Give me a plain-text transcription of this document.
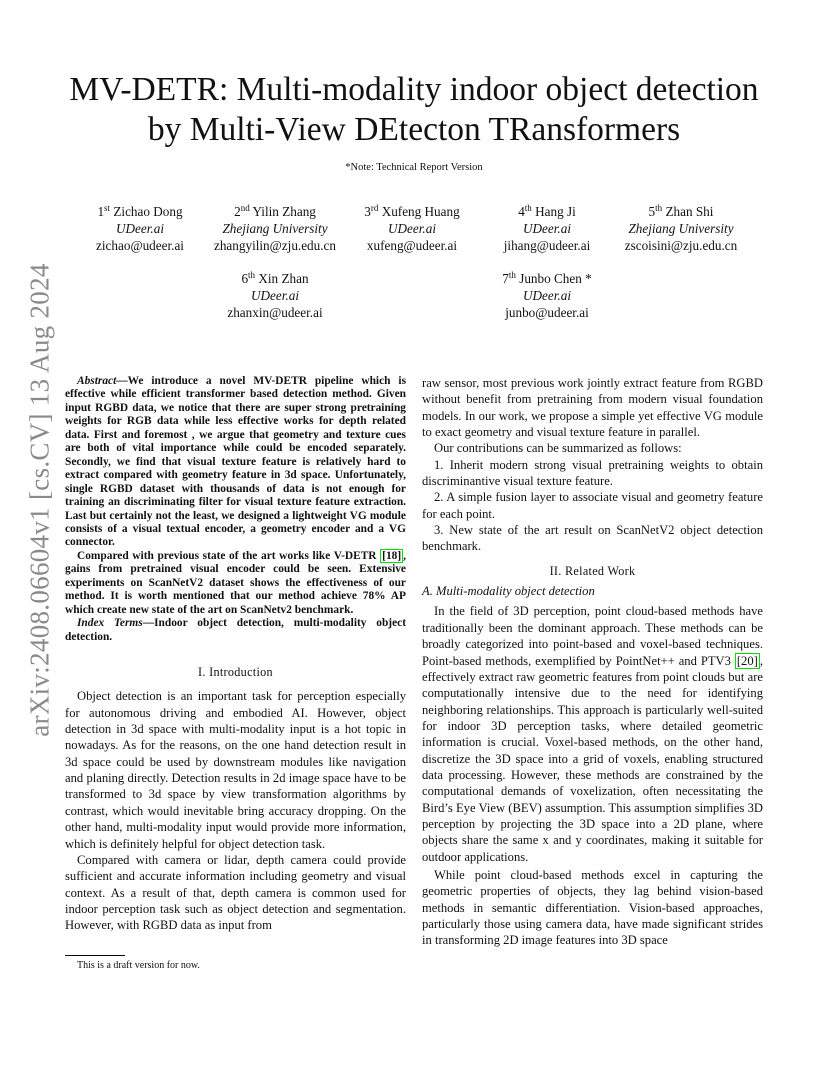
arXiv:2408.06604v1 [cs.CV] 13 Aug 2024
MV-DETR: Multi-modality indoor object detection
by Multi-View DEtecton TRansformers
*Note: Technical Report Version
1st Zichao Dong
UDeer.ai
zichao@udeer.ai
2nd Yilin Zhang
Zhejiang University
zhangyilin@zju.edu.cn
3rd Xufeng Huang
UDeer.ai
xufeng@udeer.ai
4th Hang Ji
UDeer.ai
jihang@udeer.ai
5th Zhan Shi
Zhejiang University
zscoisini@zju.edu.cn
6th Xin Zhan
UDeer.ai
zhanxin@udeer.ai
7th Junbo Chen *
UDeer.ai
junbo@udeer.ai

Abstract—We introduce a novel MV-DETR pipeline which is effective while efficient transformer based detection method. Given input RGBD data, we notice that there are super strong pretraining weights for RGB data while less effective works for depth related data. First and foremost , we argue that geometry and texture cues are both of vital importance while could be encoded separately. Secondly, we find that visual texture feature is relatively hard to extract compared with geometry feature in 3d space. Unfortunately, single RGBD dataset with thousands of data is not enough for training an discriminating filter for visual texture feature extraction. Last but certainly not the least, we designed a lightweight VG module consists of a visual textual encoder, a geometry encoder and a VG connector.

Compared with previous state of the art works like V-DETR [18] , gains from pretrained visual encoder could be seen. Extensive experiments on ScanNetV2 dataset shows the effectiveness of our method. It is worth mentioned that our method achieve 78% AP which create new state of the art on ScanNetv2 benchmark.

Index Terms—Indoor object detection, multi-modality object detection.

I. Introduction

Object detection is an important task for perception especially for autonomous driving and embodied AI. However, object detection in 3d space with multi-modality input is a hot topic in nowadays. As for the reasons, on the one hand detection result in 3d space could be used by downstream modules like navigation and planing directly. Detection results in 2d image space have to be transformed to 3d space by view transformation algorithms by contrast, which would inevitable bring accuracy dropping. On the other hand, multi-modality input would provide more information, which is definitely helpful for object detection task.

Compared with camera or lidar, depth camera could provide sufficient and accurate information including geometry and visual context. As a result of that, depth camera is common used for indoor perception task such as object detection and segmentation. However, with RGBD data as input from

This is a draft version for now.

raw sensor, most previous work jointly extract feature from RGBD without benefit from pretraining from modern visual foundation models. In our work, we propose a simple yet effective VG module to exact geometry and visual texture feature in parallel.

Our contributions can be summarized as follows:

1. Inherit modern strong visual pretraining weights to obtain discriminantive visual texture feature.

2. A simple fusion layer to associate visual and geometry feature for each point.

3. New state of the art result on ScanNetV2 object detection benchmark.

II. Related Work
A. Multi-modality object detection

In the field of 3D perception, point cloud-based methods have traditionally been the dominant approach. These methods can be broadly categorized into point-based and voxel-based techniques. Point-based methods, exemplified by PointNet++ and PTV3 [20] , effectively extract raw geometric features from point clouds but are computationally intensive due to the need for identifying neighboring relationships. This approach is particularly well-suited for indoor 3D perception tasks, where detailed geometric information is crucial. Voxel-based methods, on the other hand, discretize the 3D space into a grid of voxels, enabling structured data processing. However, these methods are constrained by the computational demands of voxelization, often necessitating the Bird’s Eye View (BEV) assumption. This assumption simplifies 3D perception by projecting the 3D space into a 2D plane, where objects share the same x and y coordinates, making it suitable for outdoor applications.

While point cloud-based methods excel in capturing the geometric properties of objects, they lag behind vision-based methods in semantic differentiation. Vision-based approaches, particularly those using camera data, have made significant strides in transforming 2D image features into 3D space
